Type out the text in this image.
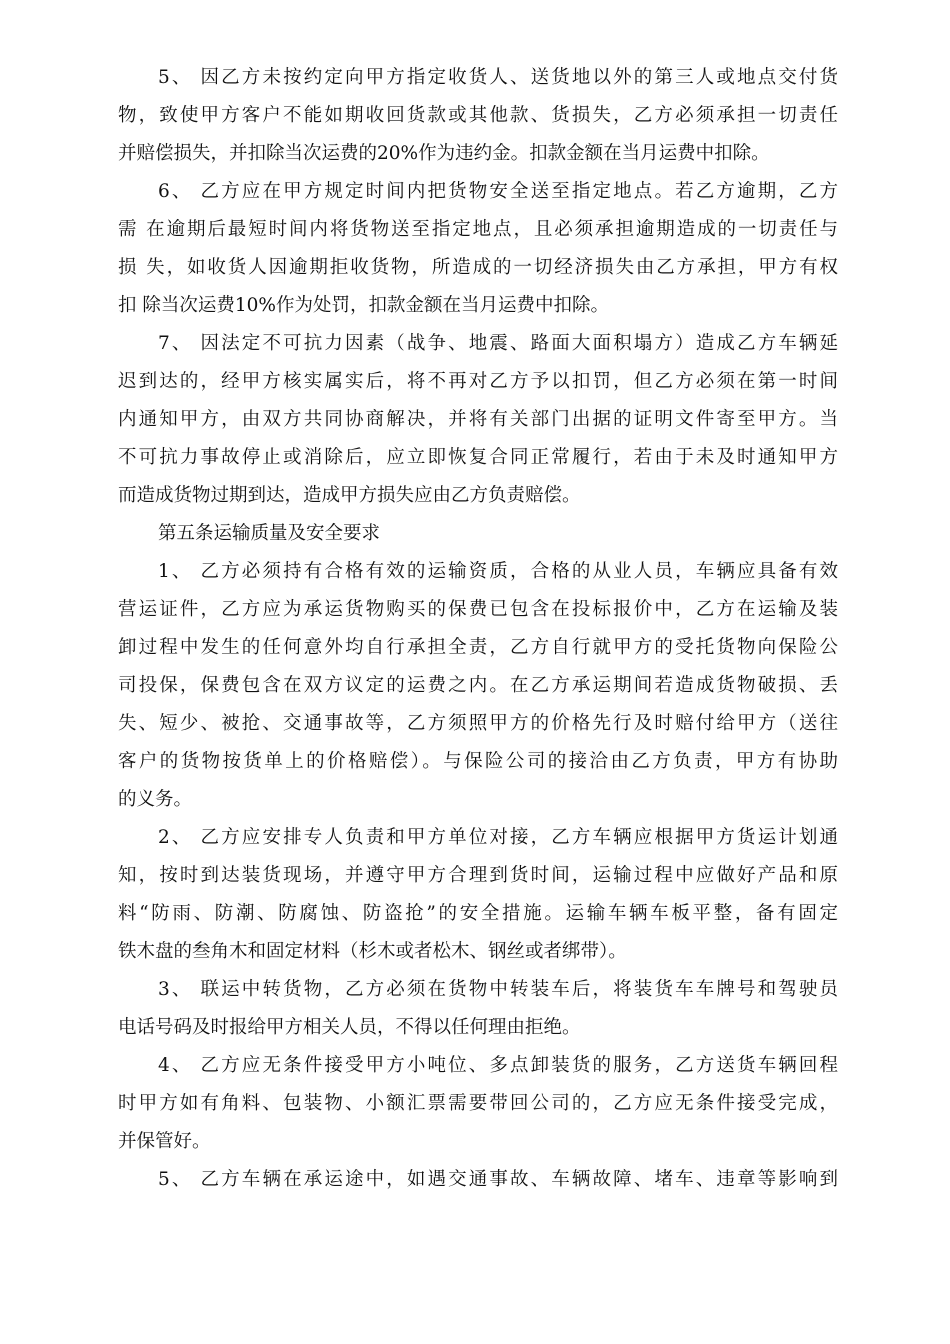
5、 因乙方未按约定向甲方指定收货人、送货地以外的第三人或地点交付货
物，致使甲方客户不能如期收回货款或其他款、货损失，乙方必须承担一切责任
并赔偿损失，并扣除当次运费的20%作为违约金。扣款金额在当月运费中扣除。
6、 乙方应在甲方规定时间内把货物安全送至指定地点。若乙方逾期，乙方
需 在逾期后最短时间内将货物送至指定地点，且必须承担逾期造成的一切责任与
损 失，如收货人因逾期拒收货物，所造成的一切经济损失由乙方承担，甲方有权
扣 除当次运费10%作为处罚，扣款金额在当月运费中扣除。
7、 因法定不可抗力因素（战争、地震、路面大面积塌方）造成乙方车辆延
迟到达的，经甲方核实属实后，将不再对乙方予以扣罚，但乙方必须在第一时间
内通知甲方，由双方共同协商解决，并将有关部门出据的证明文件寄至甲方。当
不可抗力事故停止或消除后，应立即恢复合同正常履行，若由于未及时通知甲方
而造成货物过期到达，造成甲方损失应由乙方负责赔偿。
第五条运输质量及安全要求
1、 乙方必须持有合格有效的运输资质，合格的从业人员，车辆应具备有效
营运证件，乙方应为承运货物购买的保费已包含在投标报价中，乙方在运输及装
卸过程中发生的任何意外均自行承担全责，乙方自行就甲方的受托货物向保险公
司投保，保费包含在双方议定的运费之内。在乙方承运期间若造成货物破损、丢
失、短少、被抢、交通事故等，乙方须照甲方的价格先行及时赔付给甲方（送往
客户的货物按货单上的价格赔偿）。与保险公司的接洽由乙方负责，甲方有协助
的义务。
2、 乙方应安排专人负责和甲方单位对接，乙方车辆应根据甲方货运计划通
知，按时到达装货现场，并遵守甲方合理到货时间，运输过程中应做好产品和原
料“防雨、防潮、防腐蚀、防盗抢”的安全措施。运输车辆车板平整，备有固定
铁木盘的叁角木和固定材料（杉木或者松木、钢丝或者绑带）。
3、 联运中转货物，乙方必须在货物中转装车后，将装货车车牌号和驾驶员
电话号码及时报给甲方相关人员，不得以任何理由拒绝。
4、 乙方应无条件接受甲方小吨位、多点卸装货的服务，乙方送货车辆回程
时甲方如有角料、包装物、小额汇票需要带回公司的，乙方应无条件接受完成，
并保管好。
5、 乙方车辆在承运途中，如遇交通事故、车辆故障、堵车、违章等影响到
